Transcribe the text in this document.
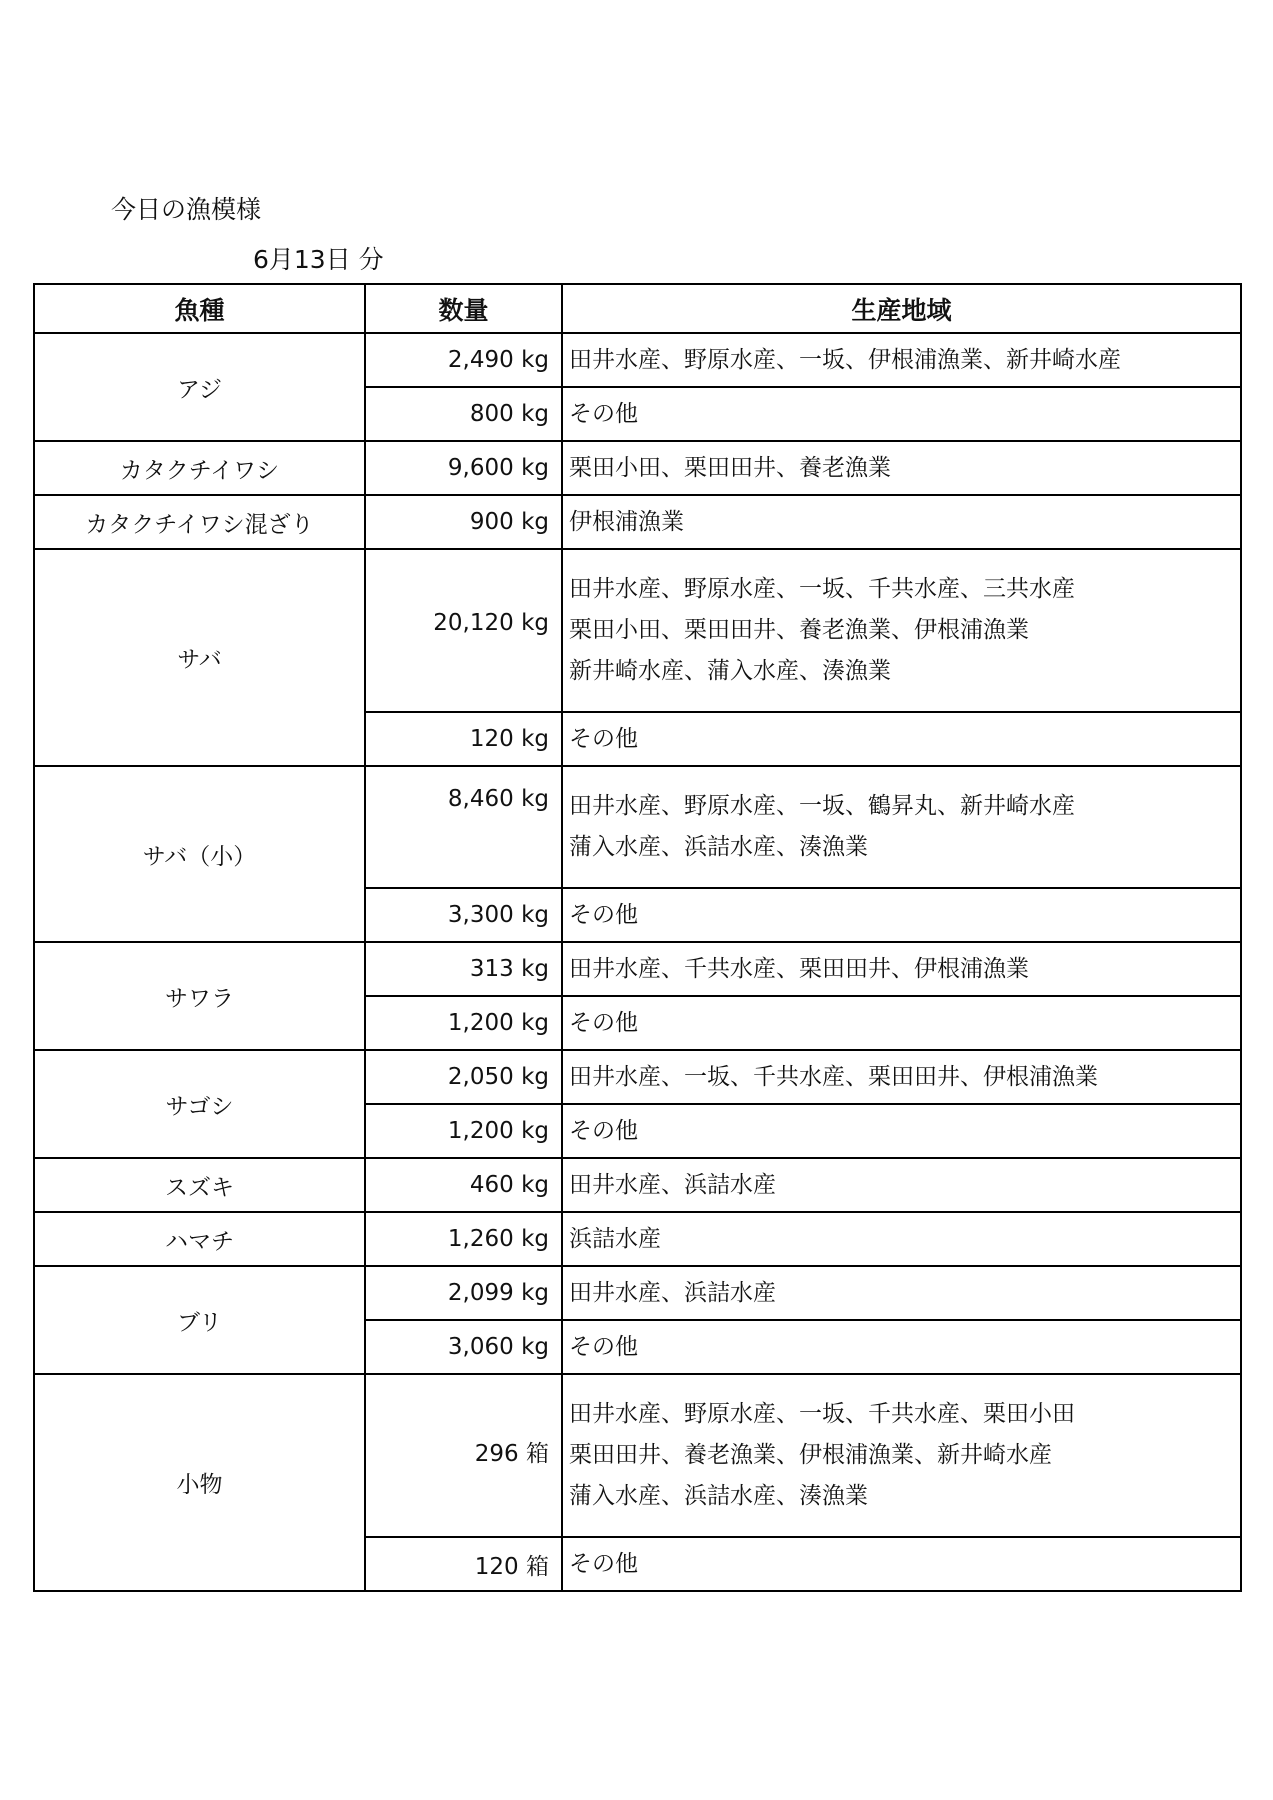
今日の漁模様
6月13日 分
魚種	数量	生産地域
アジ	2,490 kg	田井水産、野原水産、一坂、伊根浦漁業、新井崎水産

	800 kg	その他

カタクチイワシ	9,600 kg	栗田小田、栗田田井、養老漁業

カタクチイワシ混ざり	900 kg	伊根浦漁業

サバ	20,120 kg	田井水産、野原水産、一坂、千共水産、三共水産
栗田小田、栗田田井、養老漁業、伊根浦漁業
新井崎水産、蒲入水産、湊漁業

	120 kg	その他

サバ（小）	8,460 kg	田井水産、野原水産、一坂、鶴昇丸、新井崎水産
蒲入水産、浜詰水産、湊漁業

	3,300 kg	その他

サワラ	313 kg	田井水産、千共水産、栗田田井、伊根浦漁業

	1,200 kg	その他

サゴシ	2,050 kg	田井水産、一坂、千共水産、栗田田井、伊根浦漁業

	1,200 kg	その他

スズキ	460 kg	田井水産、浜詰水産

ハマチ	1,260 kg	浜詰水産

ブリ	2,099 kg	田井水産、浜詰水産

	3,060 kg	その他

小物	296 箱	田井水産、野原水産、一坂、千共水産、栗田小田
栗田田井、養老漁業、伊根浦漁業、新井崎水産
蒲入水産、浜詰水産、湊漁業

	120 箱	その他
